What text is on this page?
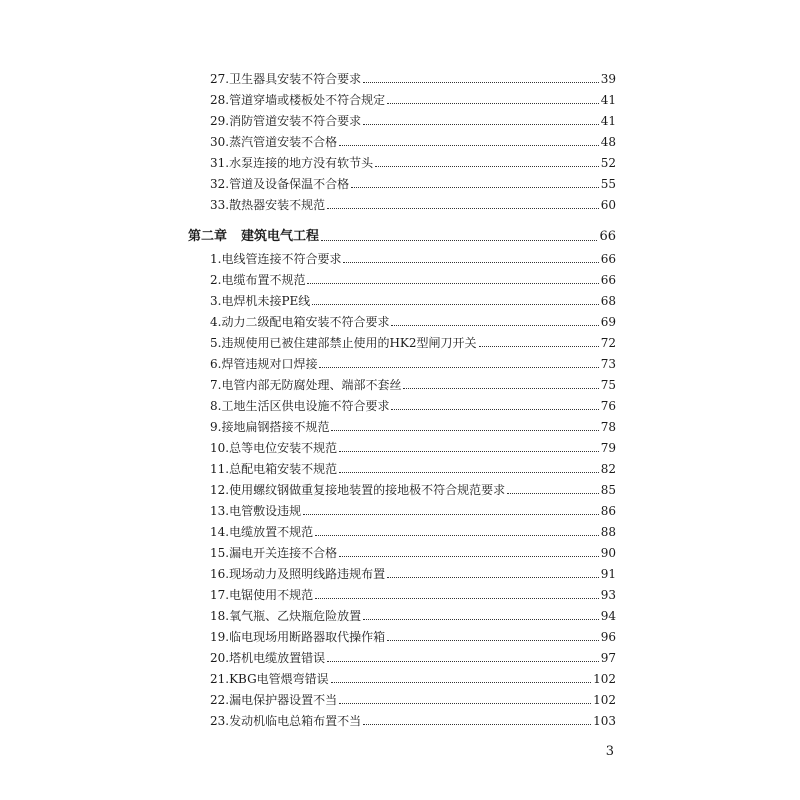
27.卫生器具安装不符合要求	39
28.管道穿墙或楼板处不符合规定	41
29.消防管道安装不符合要求	41
30.蒸汽管道安装不合格	48
31.水泵连接的地方没有软节头	52
32.管道及设备保温不合格	55
33.散热器安装不规范	60
第二章 建筑电气工程	66
1.电线管连接不符合要求	66
2.电缆布置不规范	66
3.电焊机未接PE线	68
4.动力二级配电箱安装不符合要求	69
5.违规使用已被住建部禁止使用的HK2型闸刀开关	72
6.焊管违规对口焊接	73
7.电管内部无防腐处理、端部不套丝	75
8.工地生活区供电设施不符合要求	76
9.接地扁钢搭接不规范	78
10.总等电位安装不规范	79
11.总配电箱安装不规范	82
12.使用螺纹钢做重复接地装置的接地极不符合规范要求	85
13.电管敷设违规	86
14.电缆放置不规范	88
15.漏电开关连接不合格	90
16.现场动力及照明线路违规布置	91
17.电锯使用不规范	93
18.氧气瓶、乙炔瓶危险放置	94
19.临电现场用断路器取代操作箱	96
20.塔机电缆放置错误	97
21.KBG电管煨弯错误	102
22.漏电保护器设置不当	102
23.发动机临电总箱布置不当	103
3
